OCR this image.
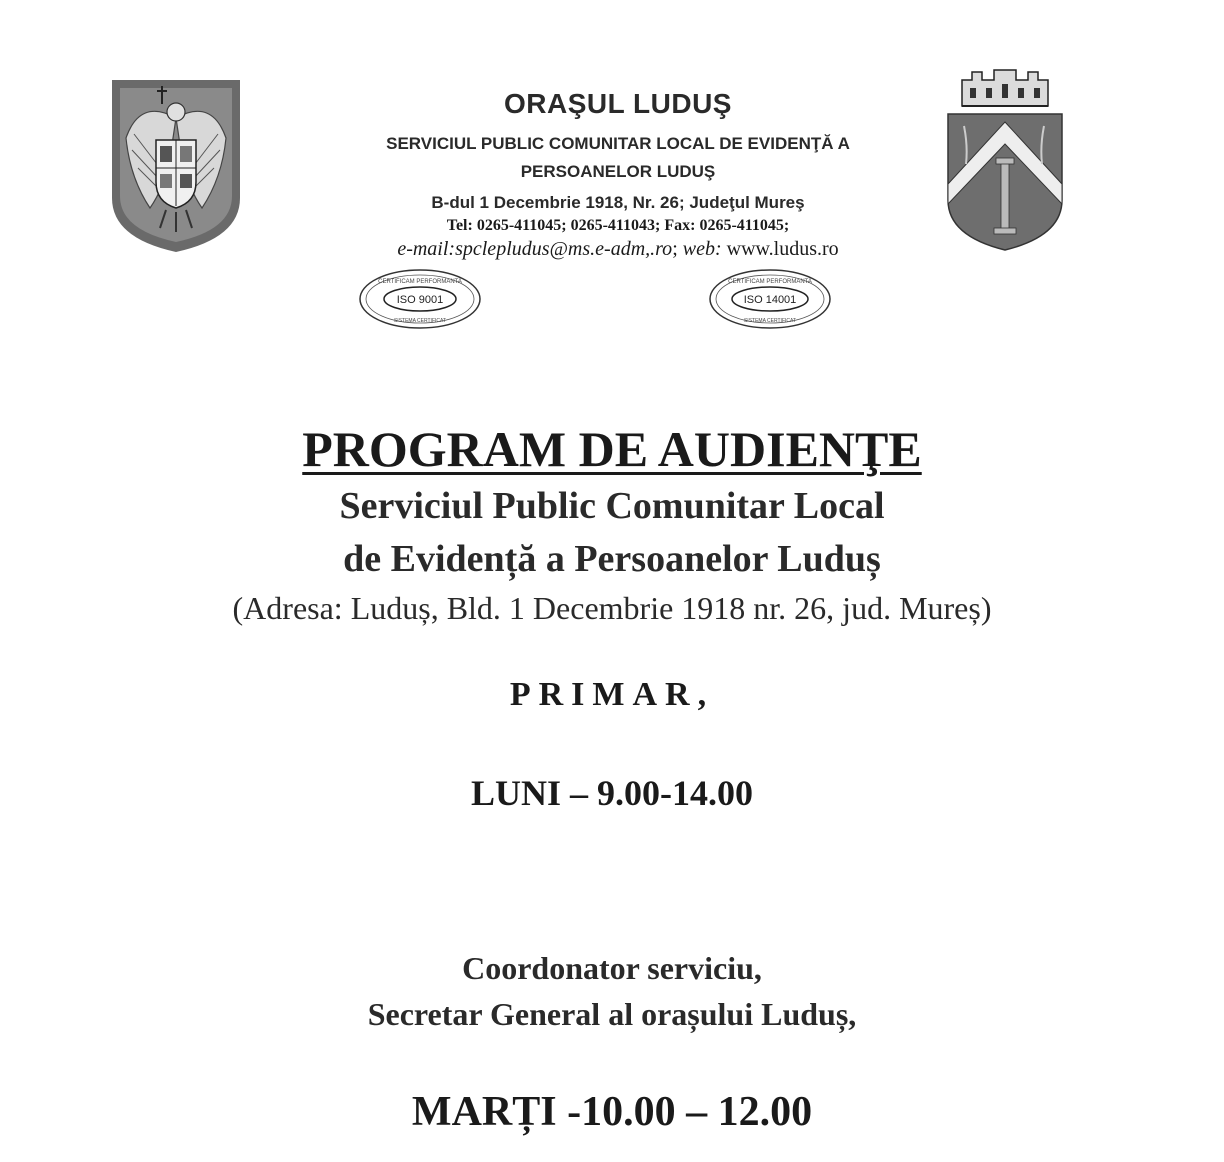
ORAŞUL LUDUŞ
SERVICIUL PUBLIC COMUNITAR LOCAL DE EVIDENŢĂ A
PERSOANELOR LUDUŞ
B-dul 1 Decembrie 1918, Nr. 26; Judeţul Mureş
Tel: 0265-411045; 0265-411043; Fax: 0265-411045;
e-mail:spclepludus@ms.e-adm,.ro; web: www.ludus.ro
CERTIFICAM PERFORMANTA
ISO 9001
SISTEMA CERTIFICAT
CERTIFICAM PERFORMANTA
ISO 14001
SISTEMA CERTIFICAT
PROGRAM DE AUDIENŢE
Serviciul Public Comunitar Local
de Evidență a Persoanelor Luduș
(Adresa: Luduș, Bld. 1 Decembrie 1918 nr. 26, jud. Mureș)
PRIMAR,
LUNI – 9.00-14.00
Coordonator serviciu,
Secretar General al orașului Luduș,
MARȚI -10.00 – 12.00
